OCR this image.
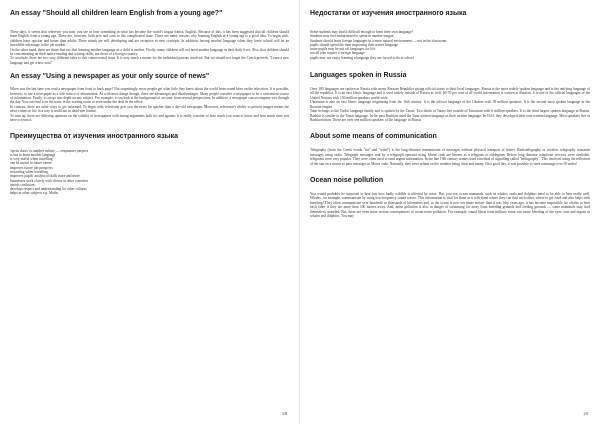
An essay "Should all children learn English from a young age?"

These days, it seems that wherever you turn, you see or hear something in what has become the world's lingua franca, English. Because of this, it has been suggested that all children should learn English from a young age. There are, however, both pros and cons to this complicated issue. There are many reasons why learning English at a young age is a good idea. To begin with, children learn quicker and better than adults. There minds are still developing and are receptive to new concepts. In addition, having another language when they leave school will be an incredible advantage in the job market.

On the other hand, there are those that say that learning another language as a child is useless. Firstly, many children will not need another language in their daily lives. Also, that children should be concentrating on their native reading and writing skills, not those of a foreign country.

To conclude, there are two very different sides to this controversial issue. It is very much a matter for the individual parents involved. But we should not forget the Czech proverb, "Learn a new language and get a new soul."

An essay "Using a newspaper as your only source of news"

When was the last time you read a newspaper from front to back page? Not surprisingly, most people get what little they know about the world from sound bites on the television. It is possible, however, to use a newspaper as a sole source of information. As with most things though, there are advantages and disadvantages. Many people consider a newspaper to be a convenient source of information. Firstly, it can go into depth on any subject. For example, it can look at the background of an issue from several perspectives. In addition, a newspaper can accompany you through the day. You can read it on the train, in the waiting room or even under the desk in the office.

In contrast, there are other ways to get informed. To begin with, television gets you the news far quicker than a day-old newspaper. Moreover, television's ability to present images means the news comes to life in a way it could not in dead-tree format.

To sum up, there are differing opinions on the validity of newspapers with strong arguments both for and against. It is really a matter of how much you want to know and how much time you have to learn it.

Преимущества от изучения иностранного языка
'opens doors' to another culture — открывает двери в
is fun to learn another language
is very useful when travelling
can be useful in future career
improves future job prospects
rewarding when travelling
improves pupils' analytical skills more and more
businesses work closely with clients in other countries
avoids confusion;
develops respect and understanding for other cultures
helps in other subjects e.g. Maths
28
Недостатки от изучения иностранного языка
Some students may find it difficult enough to learn their own language?
Students may feel embarrassed to speak in another tongue.
Students should learn foreign languages in a more natural environment — not in the classroom
pupils should spend the time improving their native language
some pupils may be put off languages for life
not all jobs require a foreign language
pupils may not enjoy learning a language they are forced to do at school
Languages spoken in Russia

Over 100 languages are spoken in Russia with many Russian Republics giving official status to their local languages. Russia is the most widely spoken language and is the unifying language of all the republics. It is an east Slavic language and is used widely outside of Russia as well. 60-70 per cent of all world information is written in Russian. It is one of the official languages of the United Nations with 150 million speakers world-wide.

Ukrainian is also an east Slavic language originating from the 16th century. It is the official language of the Ukraine with 39 million speakers. It is the second most spoken language in the Russian empire.

Tatar belongs to the Turkic language family and is spoken by the Tatars. Two thirds of Tatars live outside of Tartarstan with 6 million speakers. It is the third largest spoken language in Russia. Bashkir is similar to the Tartar language. In the past Bashkirs used the Tatar written language as their written language. In 1923, they developed their own written language. Most speakers live in Bashkortostan. There are over one million speakers of the language in Russia.

About some means of communication

Telegraphy (from the Greek words "far" and "write") is the long-distance transmission of messages without physical transport of letters. Radiotelegraphy or wireless telegraphy transmits messages using radio. Telegraph messages sent by a telegraph operator using Morse code are known as a telegram or cablegram. Before long distance telephone services were available, telegrams were very popular. They were often used to send urgent information. In the late 19th century armies used a method of signalling called "heliography". This involved using the reflection of the sun on a mirror to pass messages in Morse code. Naturally, they were reliant on the weather being clear and sunny. On a good day, it was possible to send a message over 50 miles!

Ocean noise pollution

You would probably be surprised to hear just how badly wildlife is affected by noise. But, you see, ocean mammals, such as whales, seals and dolphins need to be able to hear really well. Whales, for example, communicate by using low-frequency sound waves. This information is vital for them as it tells them where they can find each other, where to get food and also helps with breeding! They often communicate over hundreds or thousands of kilometers and, as the ocean is now ten times noisier than it was fifty years ago, it has become impossible for whales to hear each other if they are more than 100 metres away. And, noise pollution is also in danger of swimming far away from breeding grounds and feeding grounds — some mammals may find themselves stranded. But, there are even more serious consequences of ocean noise pollution. For example, sound blasts from military sonar can cause bleeding of the eyes, ears and organs in whales and dolphins. You may

29
